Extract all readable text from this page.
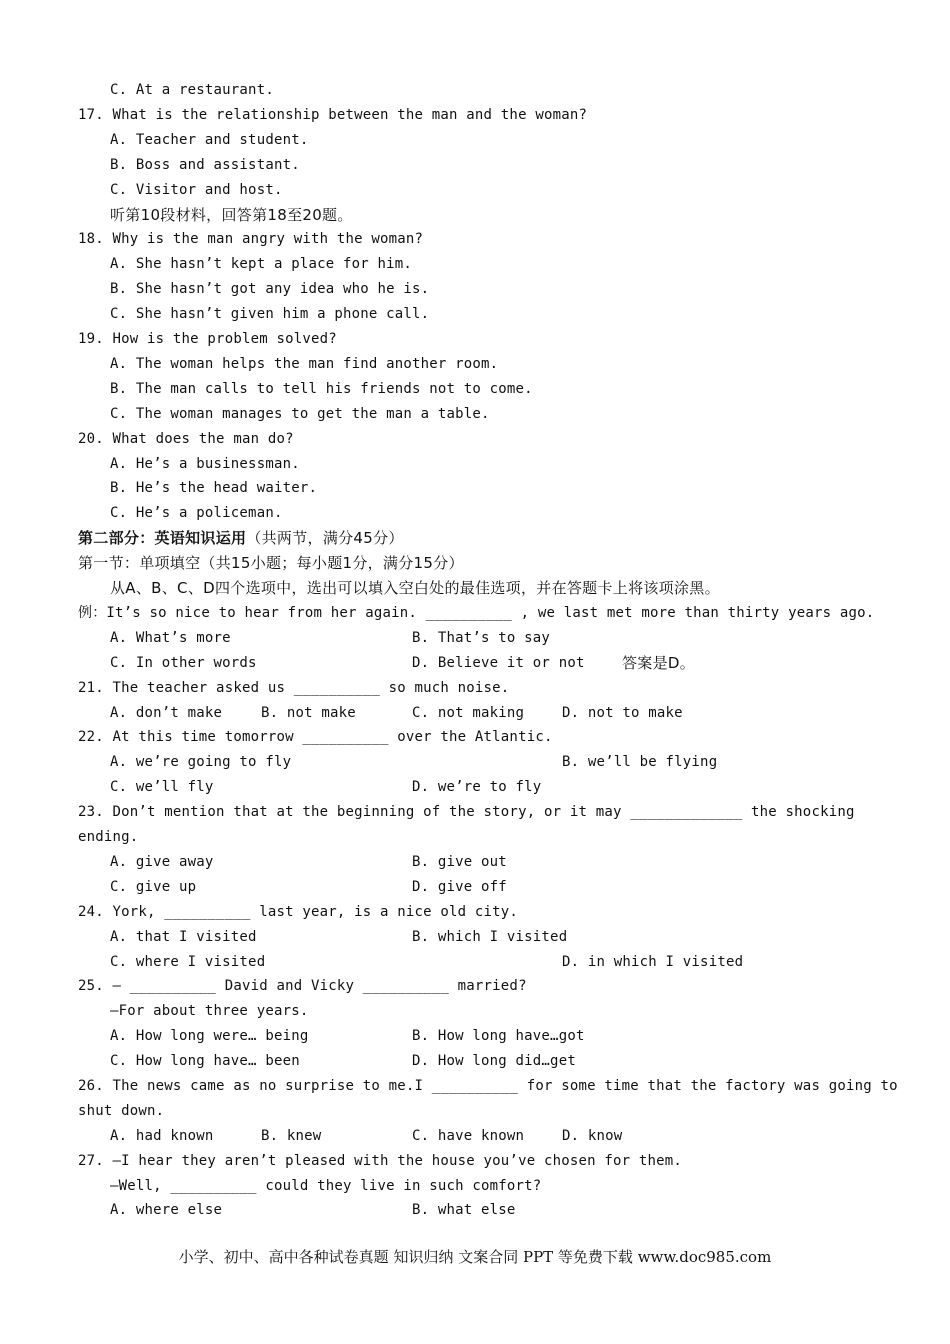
C. At a restaurant.
17. What is the relationship between the man and the woman?
A. Teacher and student.
B. Boss and assistant.
C. Visitor and host.
听第10段材料，回答第18至20题。
18. Why is the man angry with the woman?
A. She hasn’t kept a place for him.
B. She hasn’t got any idea who he is.
C. She hasn’t given him a phone call.
19. How is the problem solved?
A. The woman helps the man find another room.
B. The man calls to tell his friends not to come.
C. The woman manages to get the man a table.
20. What does the man do?
A. He’s a businessman.
B. He’s the head waiter.
C. He’s a policeman.
第二部分：英语知识运用（共两节，满分45分）
第一节：单项填空（共15小题；每小题1分，满分15分）
从A、B、C、D四个选项中，选出可以填入空白处的最佳选项，并在答题卡上将该项涂黑。
例：It’s so nice to hear from her again. __________ , we last met more than thirty years ago.
A. What’s more	B. That’s to say
C. In other words	D. Believe it or not 答案是D。
21. The teacher asked us __________ so much noise.
A. don’t make	B. not make	C. not making	D. not to make
22. At this time tomorrow __________ over the Atlantic.
A. we’re going to fly	B. we’ll be flying
C. we’ll fly	D. we’re to fly
23. Don’t mention that at the beginning of the story, or it may _____________ the shocking
ending.
A. give away	B. give out
C. give up	D. give off
24. York, __________ last year, is a nice old city.
A. that I visited	B. which I visited
C. where I visited	D. in which I visited
25. — __________ David and Vicky __________ married?
—For about three years.
A. How long were… being	B. How long have…got
C. How long have… been	D. How long did…get
26. The news came as no surprise to me.I __________ for some time that the factory was going to
shut down.
A. had known	B. knew	C. have known	D. know
27. —I hear they aren’t pleased with the house you’ve chosen for them.
—Well, __________ could they live in such comfort?
A. where else	B. what else
小学、初中、高中各种试卷真题 知识归纳 文案合同 PPT 等免费下载 www.doc985.com
